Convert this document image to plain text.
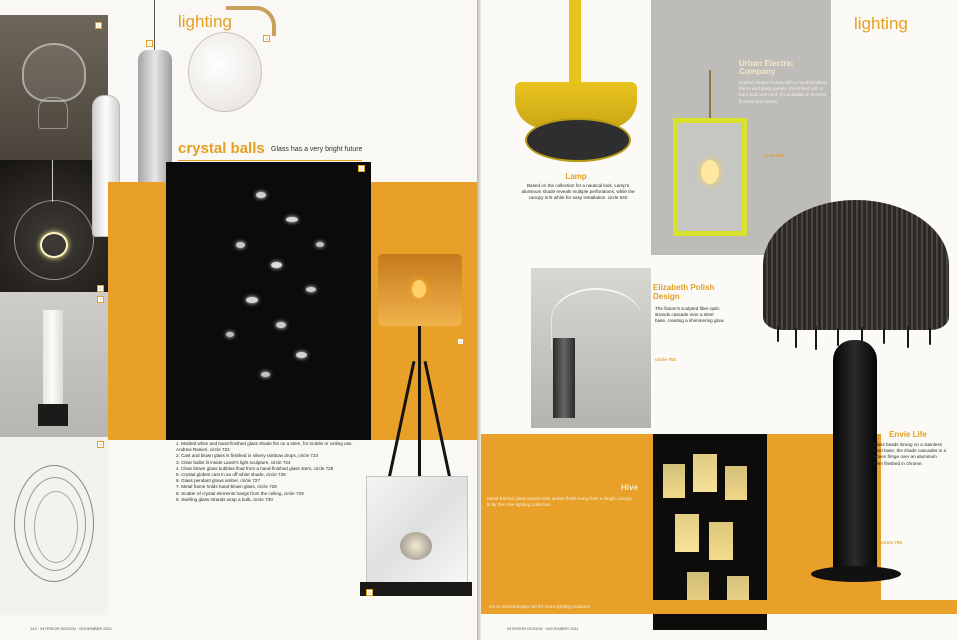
1
5
7
9
2
3
lighting
crystal balls Glass has a very bright future
4
6
8
1. Molded white and hand-finished glass shade fits on a stem, for mobile or ceiling use. Andrew Ranieri, circle 722
2. Cast and blown glass is finished in silvery rainbow drops, circle 723
3. Clear bulbs lit inside Lasvit's light sculpture, circle 724
4. Clear blown glass bubbles float from a hand-finished glass stem, circle 725
5. Crystal globes cast in an off-white shade, circle 726
6. Glass pendant glows amber, circle 727
7. Metal frame holds hand-blown glass, circle 728
8. Scatter of crystal elements hangs from the ceiling, circle 729
9. Swirling glass strands wrap a bulb, circle 730
144 · INTERIOR DESIGN · NOVEMBER 2011
Lamp
Based on the collection for a nautical look, Lamp's aluminum shade reveals multiple perforations, while the canopy is lit white for easy installation. circle 640
Urban Electric Company
Enamel lantern fixture with a hand-brushed frame and glass panels. Electrified with a bare bulb and cord, it's available in several finishes and colors.
circle 699
lighting
Elizabeth Polish Design
The fixture's sculpted fiber-optic strands cascade over a steel base, creating a shimmering glow.
circle 702
Hive
Metal-framed glass panels with amber finish hang from a single canopy, lit by the Hive lighting collection.
circle 701
Envie Life
Glass beads strung on a stainless steel base, the shade cascades in a woven fringe over an aluminum stem finished in chrome.
circle 700
Go to interiordesign.net for more lighting products
INTERIOR DESIGN · NOVEMBER 2011
